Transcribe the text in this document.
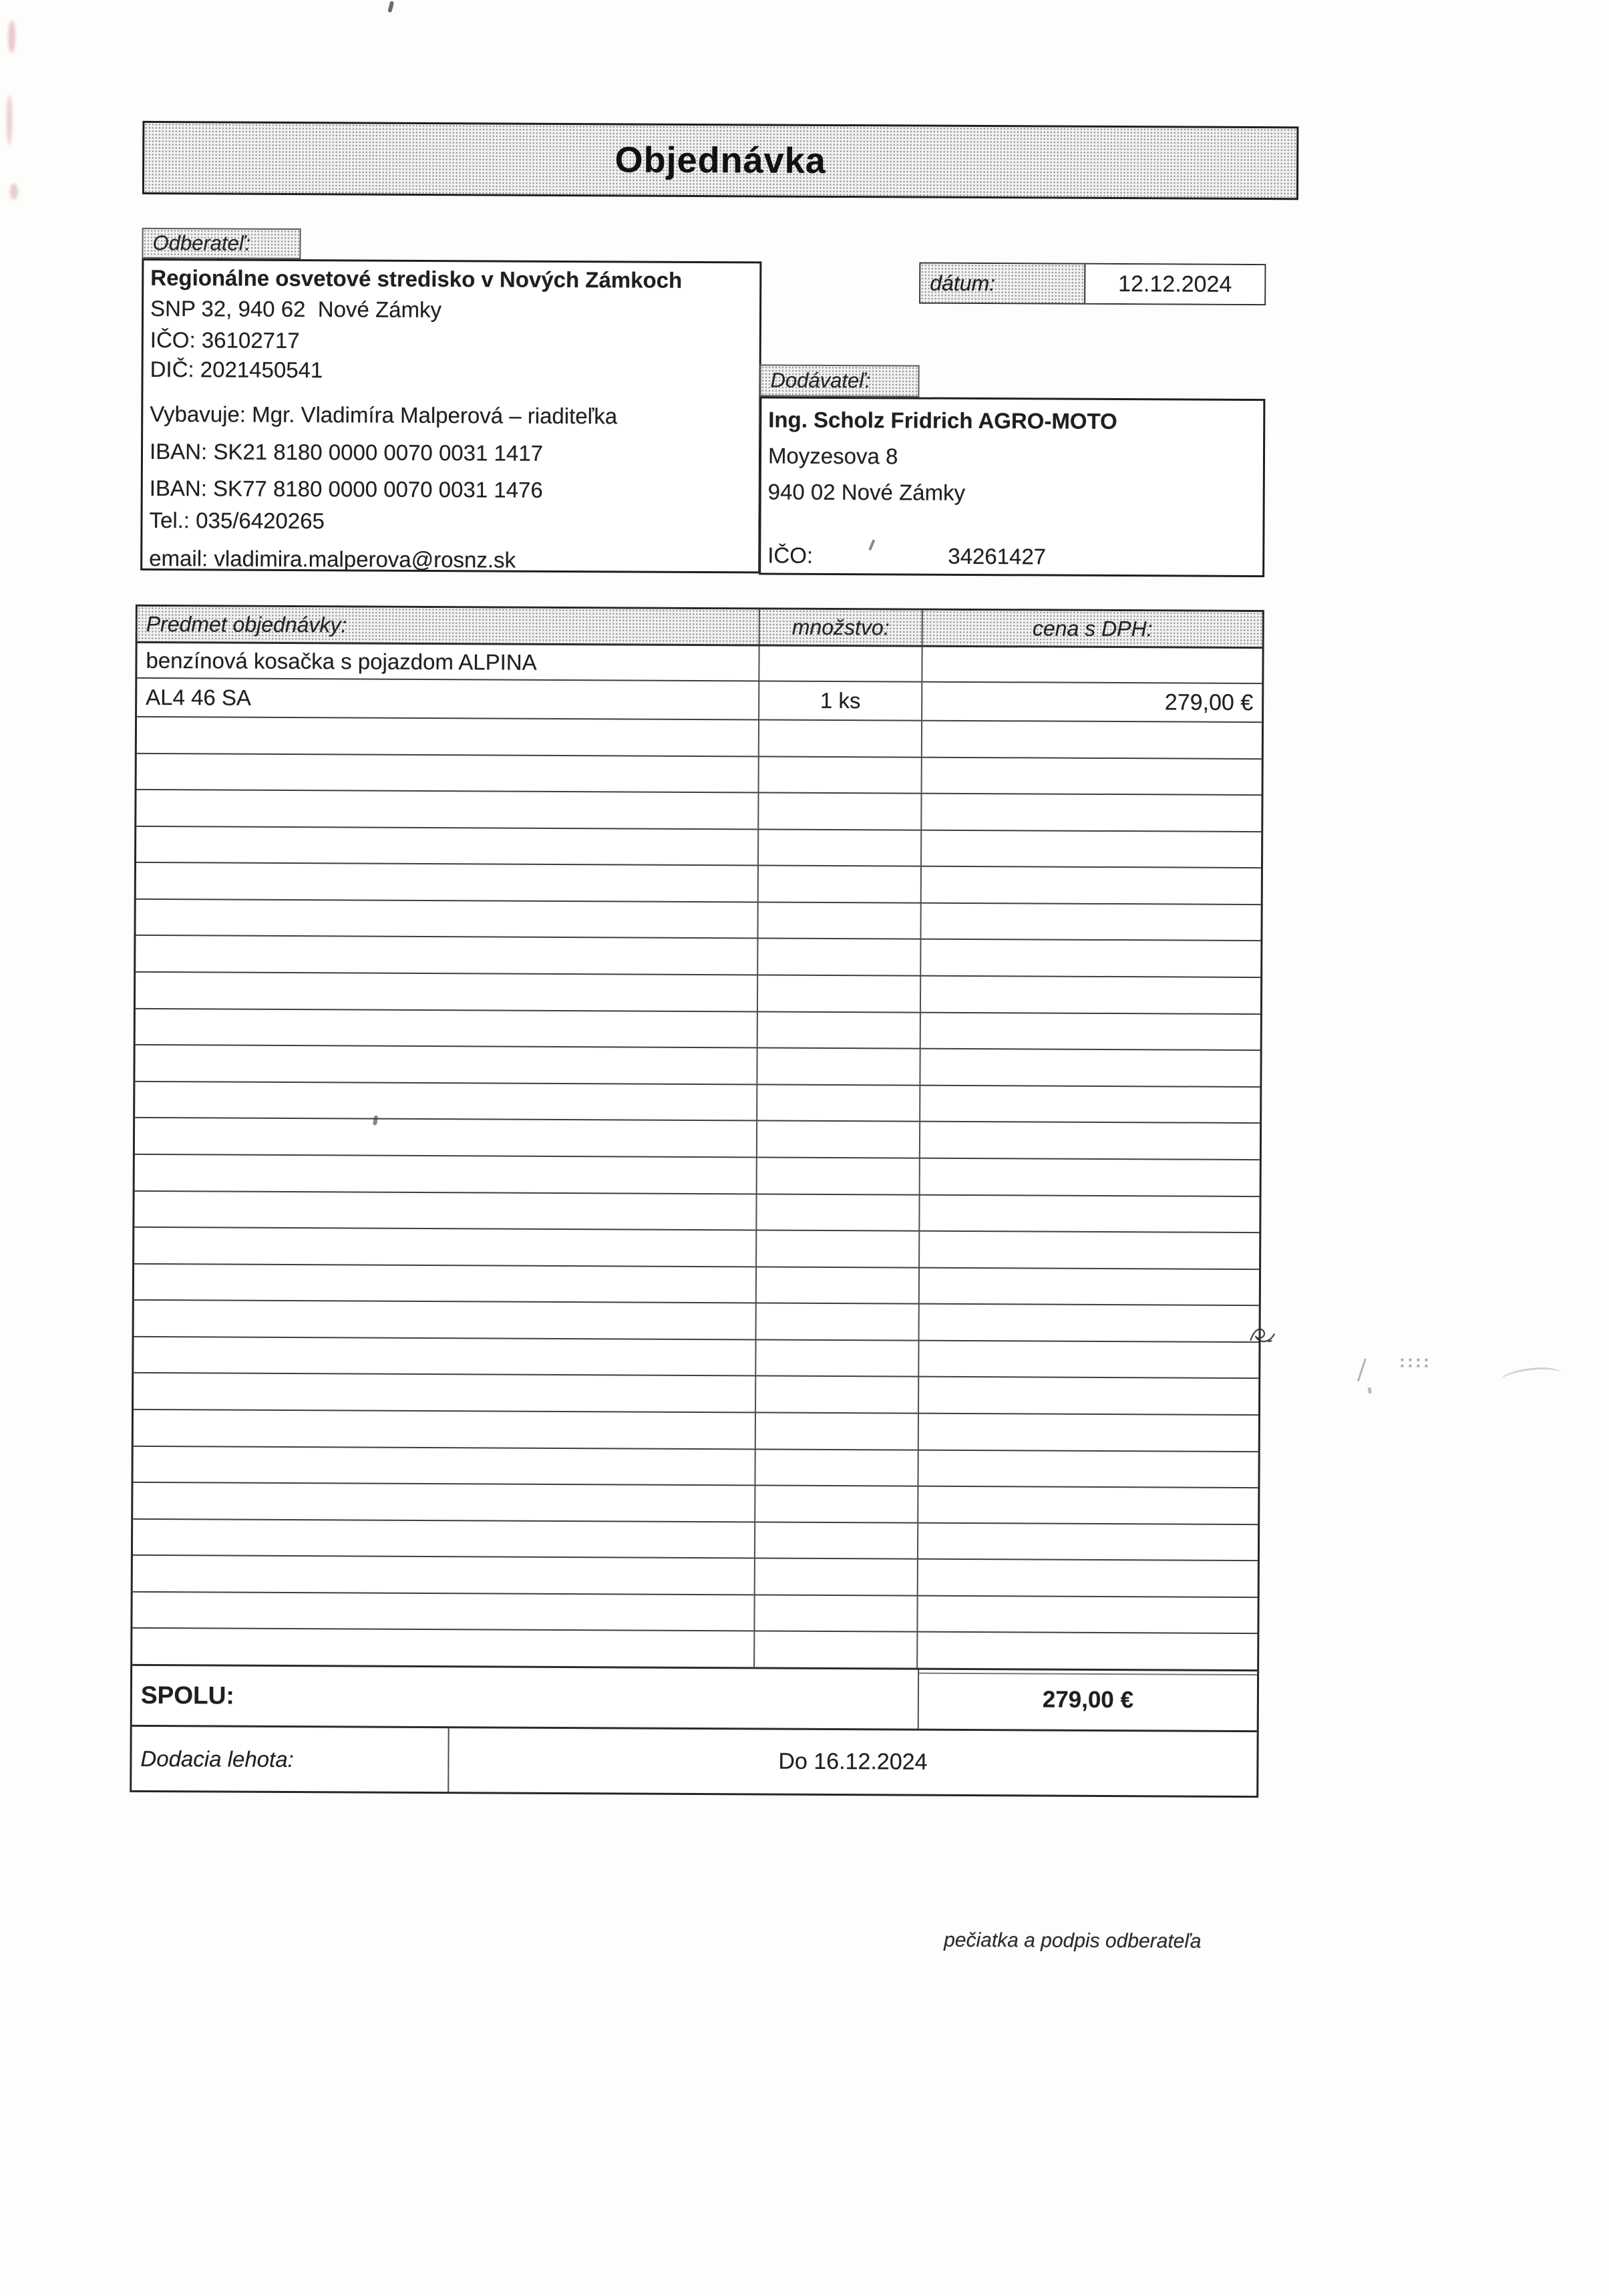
Objednávka
Odberateľ:
Regionálne osvetové stredisko v Nových Zámkoch
SNP 32, 940 62  Nové Zámky
IČO: 36102717
DIČ: 2021450541
Vybavuje: Mgr. Vladimíra Malperová – riaditeľka
IBAN: SK21 8180 0000 0070 0031 1417
IBAN: SK77 8180 0000 0070 0031 1476
Tel.: 035/6420265
email: vladimira.malperova@rosnz.sk
dátum:	12.12.2024
Dodávateľ:
Ing. Scholz Fridrich AGRO-MOTO
Moyzesova 8
940 02 Nové Zámky
IČO:	34261427
Predmet objednávky:	množstvo:	cena s DPH:
benzínová kosačka s pojazdom ALPINA
AL4 46 SA	1 ks	279,00 €
SPOLU:	279,00 €
Dodacia lehota:	Do 16.12.2024
pečiatka a podpis odberateľa
